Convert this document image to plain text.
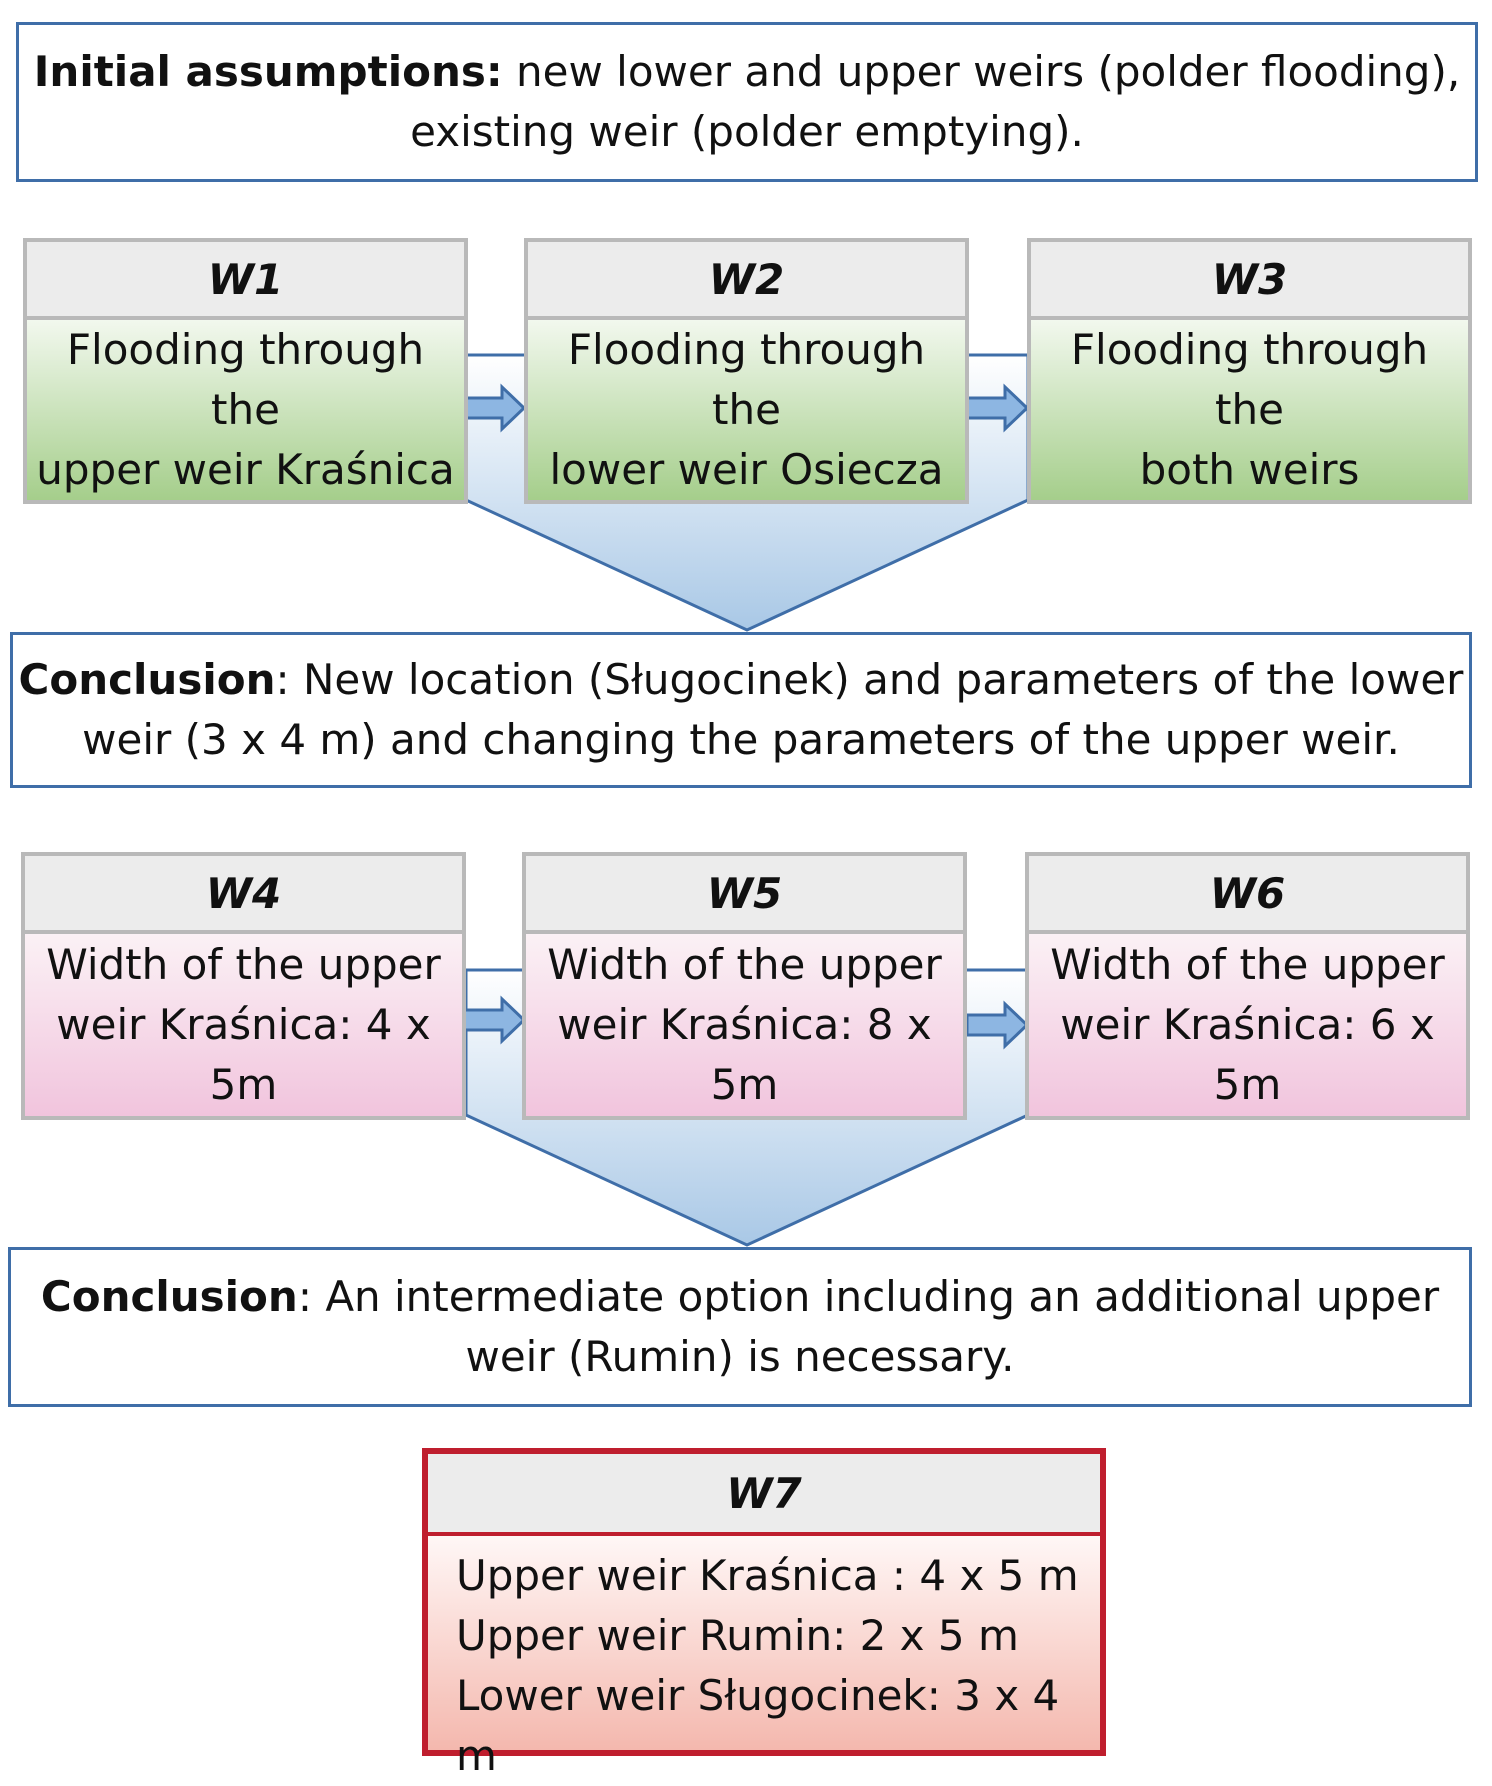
Initial assumptions: new lower and upper weirs (polder flooding),
existing weir (polder emptying).
W1
Flooding through the
upper weir Kraśnica
W2
Flooding through the
lower weir Osiecza
W3
Flooding through the
both weirs
Conclusion: New location (Sługocinek) and parameters of the lower
weir (3 x 4 m) and changing the parameters of the upper weir.
W4
Width of the upper
weir Kraśnica: 4 x 5m
W5
Width of the upper
weir Kraśnica: 8 x 5m
W6
Width of the upper
weir Kraśnica: 6 x 5m
Conclusion: An intermediate option including an additional upper
weir (Rumin) is necessary.
W7
Upper weir Kraśnica : 4 x 5 m
Upper weir Rumin: 2 x 5 m
Lower weir Sługocinek: 3 x 4 m
